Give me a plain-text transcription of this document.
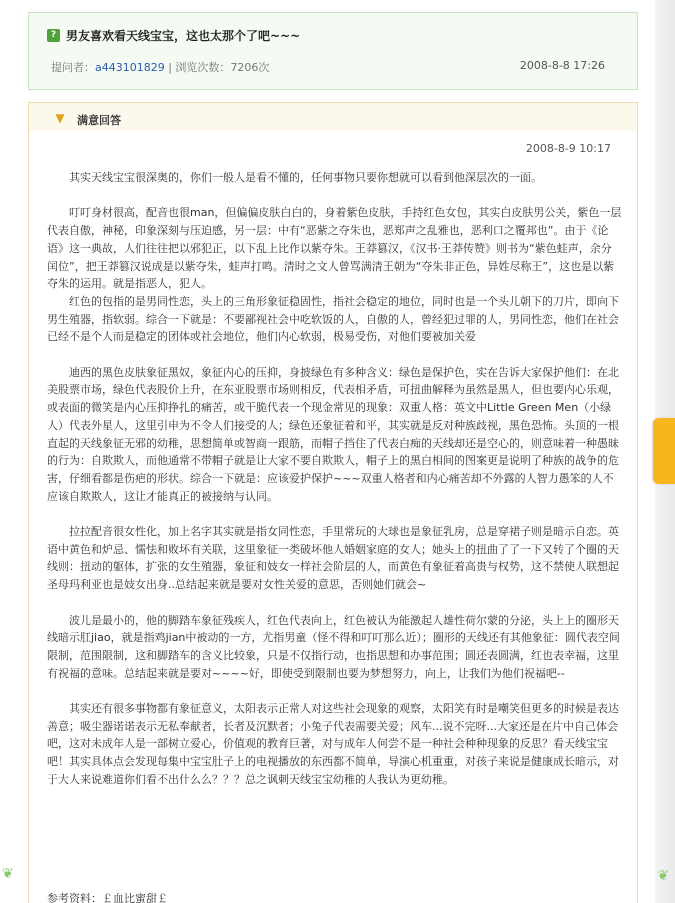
? 男友喜欢看天线宝宝，这也太那个了吧~~~
提问者：a443101829 | 浏览次数：7206次	2008-8-8 17:26
▼ 满意回答
2008-8-9 10:17

其实天线宝宝很深奥的，你们一般人是看不懂的，任何事物只要你想就可以看到他深层次的一面。

叮叮身材很高，配音也很man，但偏偏皮肤白白的，身着紫色皮肤，手持红色女包，其实白皮肤男公关，紫色一层代表自傲，神秘，印象深刻与压迫感，另一层：中有“恶紫之夺朱也，恶郑声之乱雅也，恶利口之覆邦也”。由于《论语》这一典故，人们往往把以邪犯正，以下乱上比作以紫夺朱。王莽篡汉，《汉书·王莽传赞》则书为“紫色蛙声，余分闰位”，把王莽篡汉说成是以紫夺朱，蛙声打鸣。清时之文人曾骂满清王朝为“夺朱非正色，异姓尽称王”，这也是以紫夺朱的运用。就是指恶人，犯人。

红色的包指的是男同性恋，头上的三角形象征稳固性，指社会稳定的地位，同时也是一个头儿朝下的刀片，即向下男生殖器，指软弱。综合一下就是：不要鄙视社会中吃软饭的人，自傲的人，曾经犯过罪的人，男同性恋，他们在社会已经不是个人而是稳定的团体或社会地位，他们内心软弱，极易受伤，对他们要被加关爱

迪西的黑色皮肤象征黑奴，象征内心的压抑，身披绿色有多种含义：绿色是保护色，实在告诉大家保护他们：在北美股票市场，绿色代表股价上升，在东亚股票市场则相反，代表相矛盾，可扭曲解释为虽然是黑人，但也要内心乐观，或表面的微笑是内心压抑挣扎的痛苦，或干脆代表一个现金常见的现象：双重人格：英文中Little Green Men（小绿人）代表外星人，这里引申为不令人们接受的人；绿色还象征着和平，其实就是反对种族歧视，黑色恐怖。头顶的一根直起的天线象征无邪的幼稚，思想简单或智商一跟筋，而帽子挡住了代表白痴的天线却还是空心的，则意味着一种愚昧的行为：自欺欺人，而他通常不带帽子就是让大家不要自欺欺人，帽子上的黑白相间的图案更是说明了种族的战争的危害，仔细看都是伤疤的形状。综合一下就是：应该爱护保护~~~双重人格者和内心痛苦却不外露的人智力愚笨的人不应该自欺欺人，这让才能真正的被接纳与认同。

拉拉配音很女性化，加上名字其实就是指女同性恋，手里常玩的大球也是象征乳房，总是穿裙子则是暗示自恋。英语中黄色和炉忌、懦怯和败坏有关联，这里象征一类破坏他人婚姻家庭的女人；她头上的扭曲了了一下又转了个圈的天线则：扭动的躯体，扩张的女生殖器，象征和妓女一样社会阶层的人，而黄色有象征着高贵与权势，这不禁使人联想起圣母玛利亚也是妓女出身..总结起来就是要对女性关爱的意思，否则她们就会~

波儿是最小的，他的脚踏车象征残疾人，红色代表向上，红色被认为能激起人雄性荷尔蒙的分泌，头上上的圈形天线暗示肛jiao，就是指鸡jian中被动的一方，尤指男童（怪不得和叮叮那么近）；圈形的天线还有其他象征：圆代表空间限制，范围限制，这和脚踏车的含义比较象，只是不仅指行动，也指思想和办事范围；圆还表圆满，红也表幸福，这里有祝福的意味。总结起来就是要对~~~~好，即使受到限制也要为梦想努力，向上，让我们为他们祝福吧--

其实还有很多事物都有象征意义，太阳表示正常人对这些社会现象的观察，太阳笑有时是嘲笑但更多的时候是表达善意；吸尘器诺诺表示无私奉献者，长者及沉默者；小兔子代表需要关爱；风车...说不完呀...大家还是在片中自己体会吧，这对未成年人是一部树立爱心，价值观的教育巨著，对与成年人何尝不是一种社会种种现象的反思？看天线宝宝吧！其实具体点会发现每集中宝宝肚子上的电视播放的东西都不简单，导演心机重重，对孩子来说是健康成长暗示，对于大人来说难道你们看不出什么么？？？总之讽刺天线宝宝幼稚的人我认为更幼稚。

参考资料：￡血比蜜甜￡
❦	❦
